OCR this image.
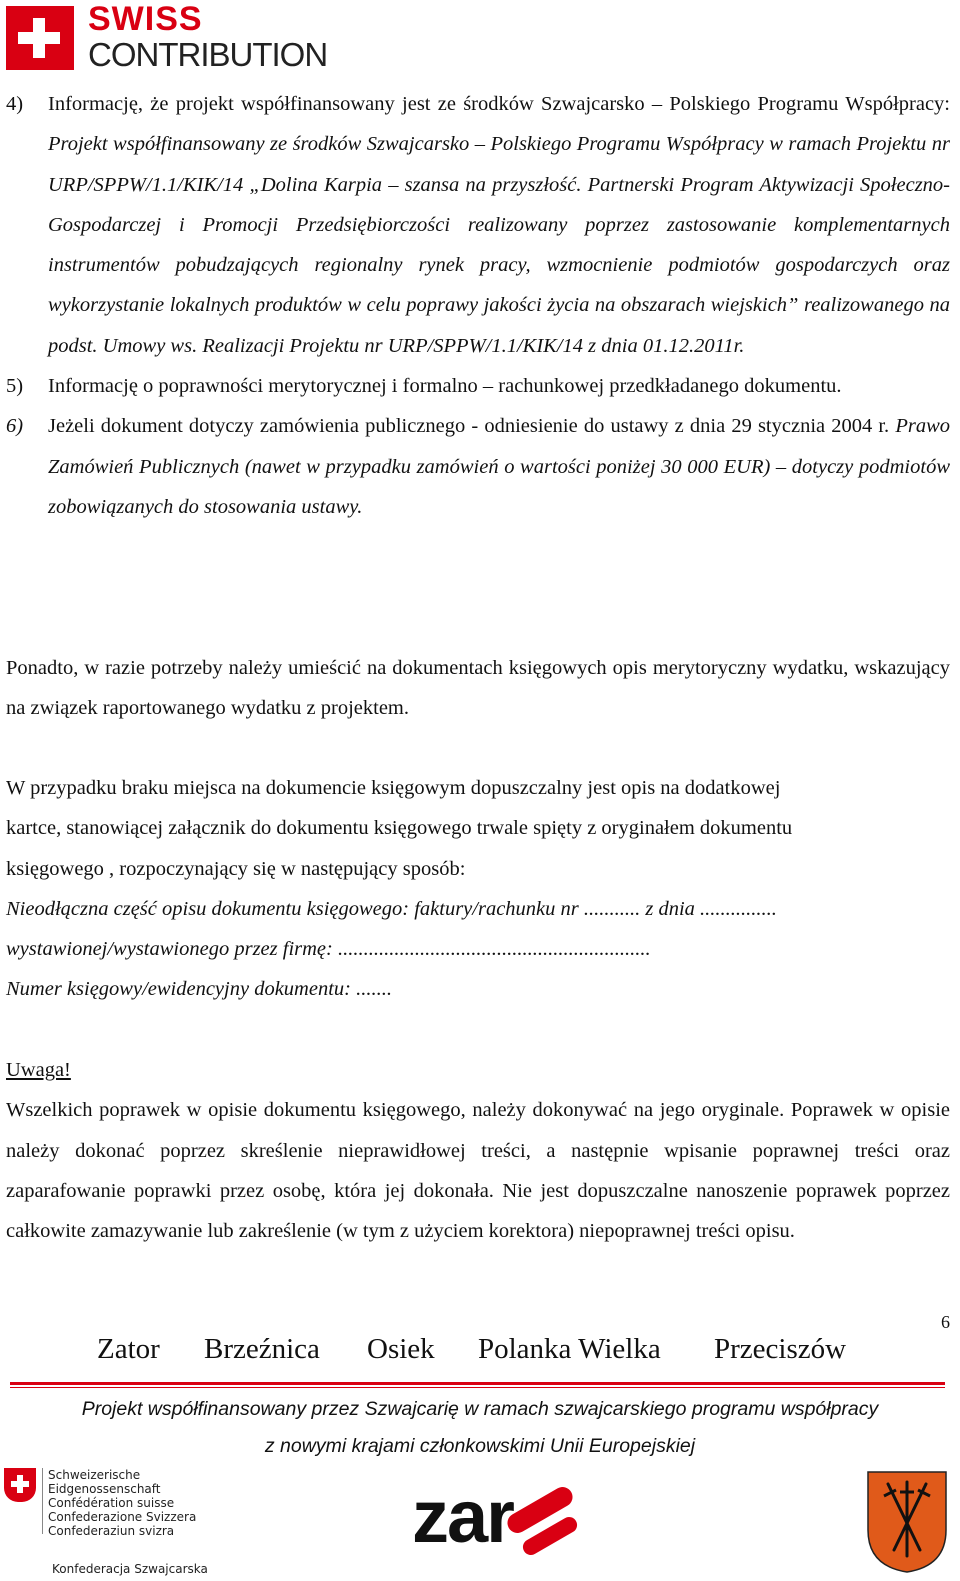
SWISS
CONTRIBUTION
4) Informację, że projekt współfinansowany jest ze środków Szwajcarsko – Polskiego Programu Współpracy: Projekt współfinansowany ze środków Szwajcarsko – Polskiego Programu Współpracy w ramach Projektu nr URP/SPPW/1.1/KIK/14 „Dolina Karpia – szansa na przyszłość. Partnerski Program Aktywizacji Społeczno-Gospodarczej i Promocji Przedsiębiorczości realizowany poprzez zastosowanie komplementarnych instrumentów pobudzających regionalny rynek pracy, wzmocnienie podmiotów gospodarczych oraz wykorzystanie lokalnych produktów w celu poprawy jakości życia na obszarach wiejskich” realizowanego na podst. Umowy ws. Realizacji Projektu nr URP/SPPW/1.1/KIK/14 z dnia 01.12.2011r.
5) Informację o poprawności merytorycznej i formalno – rachunkowej przedkładanego dokumentu.
6) Jeżeli dokument dotyczy zamówienia publicznego - odniesienie do ustawy z dnia 29 stycznia 2004 r. Prawo Zamówień Publicznych (nawet w przypadku zamówień o wartości poniżej 30 000 EUR) – dotyczy podmiotów zobowiązanych do stosowania ustawy.
Ponadto, w razie potrzeby należy umieścić na dokumentach księgowych opis merytoryczny wydatku, wskazujący na związek raportowanego wydatku z projektem.

W przypadku braku miejsca na dokumencie księgowym dopuszczalny jest opis na dodatkowej

kartce, stanowiącej załącznik do dokumentu księgowego trwale spięty z oryginałem dokumentu

księgowego , rozpoczynający się w następujący sposób:

Nieodłączna część opisu dokumentu księgowego: faktury/rachunku nr ........... z dnia ...............

wystawionej/wystawionego przez firmę: .............................................................

Numer księgowy/ewidencyjny dokumentu: .......

Uwaga!

Wszelkich poprawek w opisie dokumentu księgowego, należy dokonywać na jego oryginale. Poprawek w opisie należy dokonać poprzez skreślenie nieprawidłowej treści, a następnie wpisanie poprawnej treści oraz zaparafowanie poprawki przez osobę, która jej dokonała. Nie jest dopuszczalne nanoszenie poprawek poprzez całkowite zamazywanie lub zakreślenie (w tym z użyciem korektora) niepoprawnej treści opisu.

6
Zator Brzeźnica Osiek Polanka Wielka Przeciszów
Projekt współfinansowany przez Szwajcarię w ramach szwajcarskiego programu współpracy
z nowymi krajami członkowskimi Unii Europejskiej
Schweizerische Eidgenossenschaft
Confédération suisse
Confederazione Svizzera
Confederaziun svizra
Konfederacja Szwajcarska
zar
